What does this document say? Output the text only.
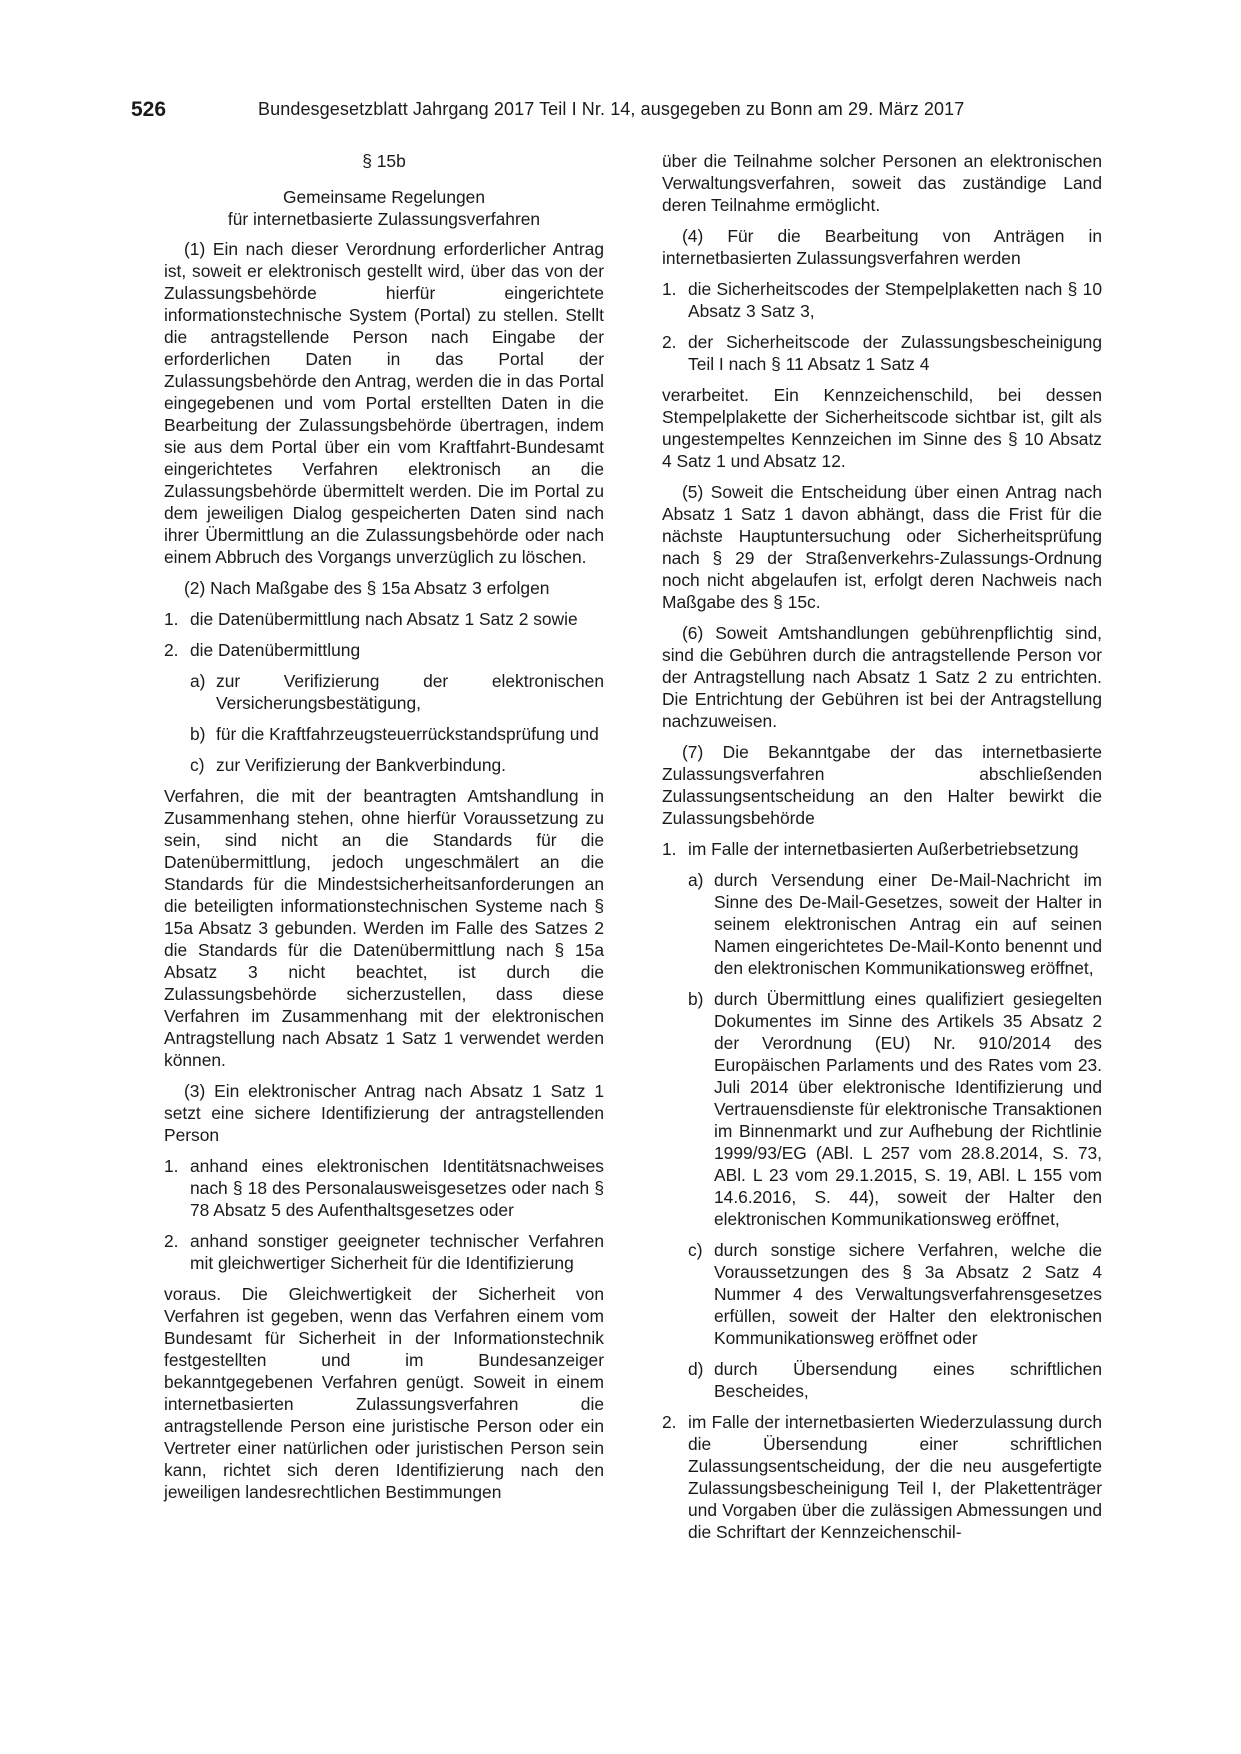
526	Bundesgesetzblatt Jahrgang 2017 Teil I Nr. 14, ausgegeben zu Bonn am 29. März 2017
§ 15b
Gemeinsame Regelungen
für internetbasierte Zulassungsverfahren

(1) Ein nach dieser Verordnung erforderlicher Antrag ist, soweit er elektronisch gestellt wird, über das von der Zulassungsbehörde hierfür eingerichtete informationstechnische System (Portal) zu stellen. Stellt die antragstellende Person nach Eingabe der erforderlichen Daten in das Portal der Zulassungsbehörde den Antrag, werden die in das Portal eingegebenen und vom Portal erstellten Daten in die Bearbeitung der Zulassungsbehörde übertragen, indem sie aus dem Portal über ein vom Kraftfahrt-Bundesamt eingerichtetes Verfahren elektronisch an die Zulassungsbehörde übermittelt werden. Die im Portal zu dem jeweiligen Dialog gespeicherten Daten sind nach ihrer Übermittlung an die Zulassungsbehörde oder nach einem Abbruch des Vorgangs unverzüglich zu löschen.

(2) Nach Maßgabe des § 15a Absatz 3 erfolgen

1. die Datenübermittlung nach Absatz 1 Satz 2 sowie
2. die Datenübermittlung
a) zur Verifizierung der elektronischen Versicherungsbestätigung,
b) für die Kraftfahrzeugsteuerrückstandsprüfung und
c) zur Verifizierung der Bankverbindung.

Verfahren, die mit der beantragten Amtshandlung in Zusammenhang stehen, ohne hierfür Voraussetzung zu sein, sind nicht an die Standards für die Datenübermittlung, jedoch ungeschmälert an die Standards für die Mindestsicherheitsanforderungen an die beteiligten informationstechnischen Systeme nach § 15a Absatz 3 gebunden. Werden im Falle des Satzes 2 die Standards für die Datenübermittlung nach § 15a Absatz 3 nicht beachtet, ist durch die Zulassungsbehörde sicherzustellen, dass diese Verfahren im Zusammenhang mit der elektronischen Antragstellung nach Absatz 1 Satz 1 verwendet werden können.

(3) Ein elektronischer Antrag nach Absatz 1 Satz 1 setzt eine sichere Identifizierung der antragstellenden Person

1. anhand eines elektronischen Identitätsnachweises nach § 18 des Personalausweisgesetzes oder nach § 78 Absatz 5 des Aufenthaltsgesetzes oder
2. anhand sonstiger geeigneter technischer Verfahren mit gleichwertiger Sicherheit für die Identifizierung

voraus. Die Gleichwertigkeit der Sicherheit von Verfahren ist gegeben, wenn das Verfahren einem vom Bundesamt für Sicherheit in der Informationstechnik festgestellten und im Bundesanzeiger bekanntgegebenen Verfahren genügt. Soweit in einem internetbasierten Zulassungsverfahren die antragstellende Person eine juristische Person oder ein Vertreter einer natürlichen oder juristischen Person sein kann, richtet sich deren Identifizierung nach den jeweiligen landesrechtlichen Bestimmungen

über die Teilnahme solcher Personen an elektronischen Verwaltungsverfahren, soweit das zuständige Land deren Teilnahme ermöglicht.

(4) Für die Bearbeitung von Anträgen in internetbasierten Zulassungsverfahren werden

1. die Sicherheitscodes der Stempelplaketten nach § 10 Absatz 3 Satz 3,
2. der Sicherheitscode der Zulassungsbescheinigung Teil I nach § 11 Absatz 1 Satz 4

verarbeitet. Ein Kennzeichenschild, bei dessen Stempelplakette der Sicherheitscode sichtbar ist, gilt als ungestempeltes Kennzeichen im Sinne des § 10 Absatz 4 Satz 1 und Absatz 12.

(5) Soweit die Entscheidung über einen Antrag nach Absatz 1 Satz 1 davon abhängt, dass die Frist für die nächste Hauptuntersuchung oder Sicherheitsprüfung nach § 29 der Straßenverkehrs-Zulassungs-Ordnung noch nicht abgelaufen ist, erfolgt deren Nachweis nach Maßgabe des § 15c.

(6) Soweit Amtshandlungen gebührenpflichtig sind, sind die Gebühren durch die antragstellende Person vor der Antragstellung nach Absatz 1 Satz 2 zu entrichten. Die Entrichtung der Gebühren ist bei der Antragstellung nachzuweisen.

(7) Die Bekanntgabe der das internetbasierte Zulassungsverfahren abschließenden Zulassungsentscheidung an den Halter bewirkt die Zulassungsbehörde

1. im Falle der internetbasierten Außerbetriebsetzung
a) durch Versendung einer De-Mail-Nachricht im Sinne des De-Mail-Gesetzes, soweit der Halter in seinem elektronischen Antrag ein auf seinen Namen eingerichtetes De-Mail-Konto benennt und den elektronischen Kommunikationsweg eröffnet,
b) durch Übermittlung eines qualifiziert gesiegelten Dokumentes im Sinne des Artikels 35 Absatz 2 der Verordnung (EU) Nr. 910/2014 des Europäischen Parlaments und des Rates vom 23. Juli 2014 über elektronische Identifizierung und Vertrauensdienste für elektronische Transaktionen im Binnenmarkt und zur Aufhebung der Richtlinie 1999/93/EG (ABl. L 257 vom 28.8.2014, S. 73, ABl. L 23 vom 29.1.2015, S. 19, ABl. L 155 vom 14.6.2016, S. 44), soweit der Halter den elektronischen Kommunikationsweg eröffnet,
c) durch sonstige sichere Verfahren, welche die Voraussetzungen des § 3a Absatz 2 Satz 4 Nummer 4 des Verwaltungsverfahrensgesetzes erfüllen, soweit der Halter den elektronischen Kommunikationsweg eröffnet oder
d) durch Übersendung eines schriftlichen Bescheides,
2. im Falle der internetbasierten Wiederzulassung durch die Übersendung einer schriftlichen Zulassungsentscheidung, der die neu ausgefertigte Zulassungsbescheinigung Teil I, der Plakettenträger und Vorgaben über die zulässigen Abmessungen und die Schriftart der Kennzeichenschil-
